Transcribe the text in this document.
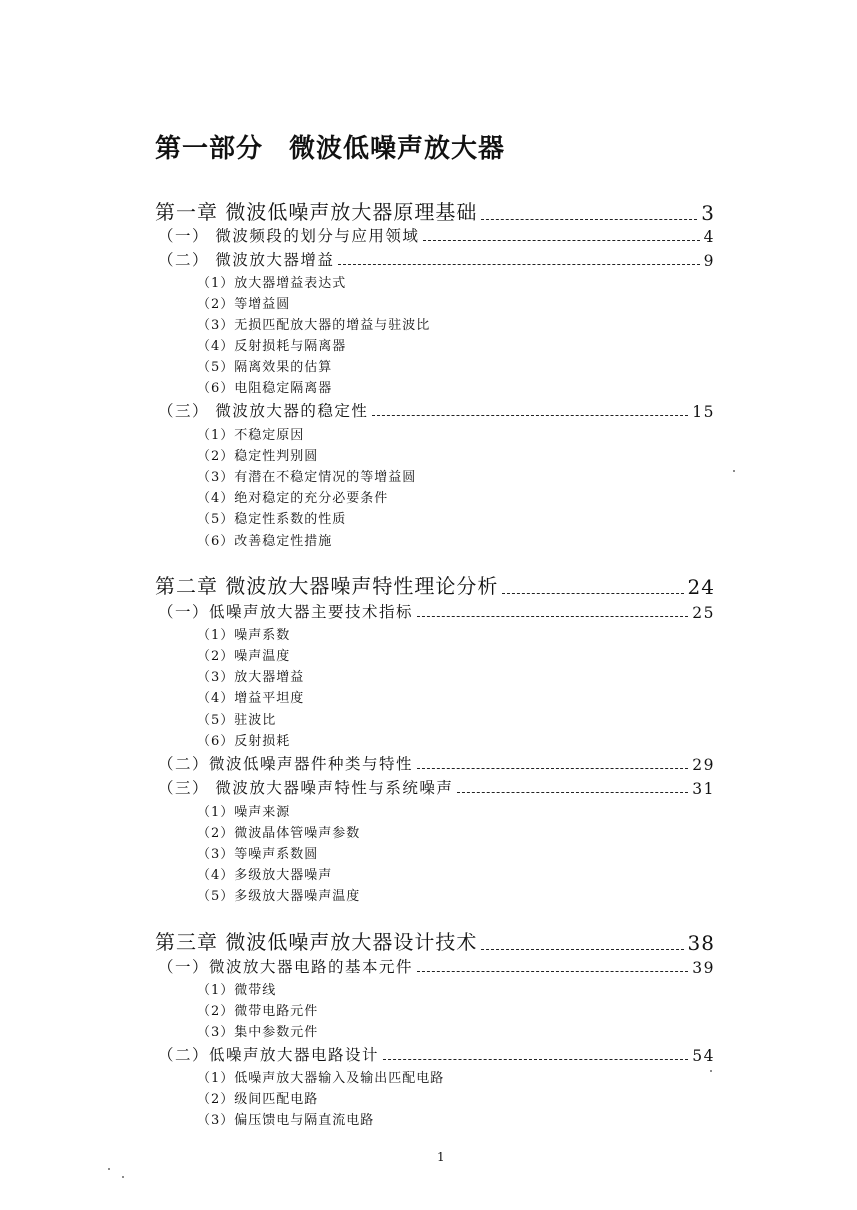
第一部分 微波低噪声放大器
第一章 微波低噪声放大器原理基础	3
（一） 微波频段的划分与应用领域	4
（二） 微波放大器增益	9
（1）放大器增益表达式
（2）等增益圆
（3）无损匹配放大器的增益与驻波比
（4）反射损耗与隔离器
（5）隔离效果的估算
（6）电阻稳定隔离器
（三） 微波放大器的稳定性	15
（1）不稳定原因
（2）稳定性判别圆
（3）有潜在不稳定情况的等增益圆
（4）绝对稳定的充分必要条件
（5）稳定性系数的性质
（6）改善稳定性措施
第二章 微波放大器噪声特性理论分析	24
（一）低噪声放大器主要技术指标	25
（1）噪声系数
（2）噪声温度
（3）放大器增益
（4）增益平坦度
（5）驻波比
（6）反射损耗
（二）微波低噪声器件种类与特性	29
（三） 微波放大器噪声特性与系统噪声	31
（1）噪声来源
（2）微波晶体管噪声参数
（3）等噪声系数圆
（4）多级放大器噪声
（5）多级放大器噪声温度
第三章 微波低噪声放大器设计技术	38
（一）微波放大器电路的基本元件	39
（1）微带线
（2）微带电路元件
（3）集中参数元件
（二）低噪声放大器电路设计	54
（1）低噪声放大器输入及输出匹配电路
（2）级间匹配电路
（3）偏压馈电与隔直流电路
1
